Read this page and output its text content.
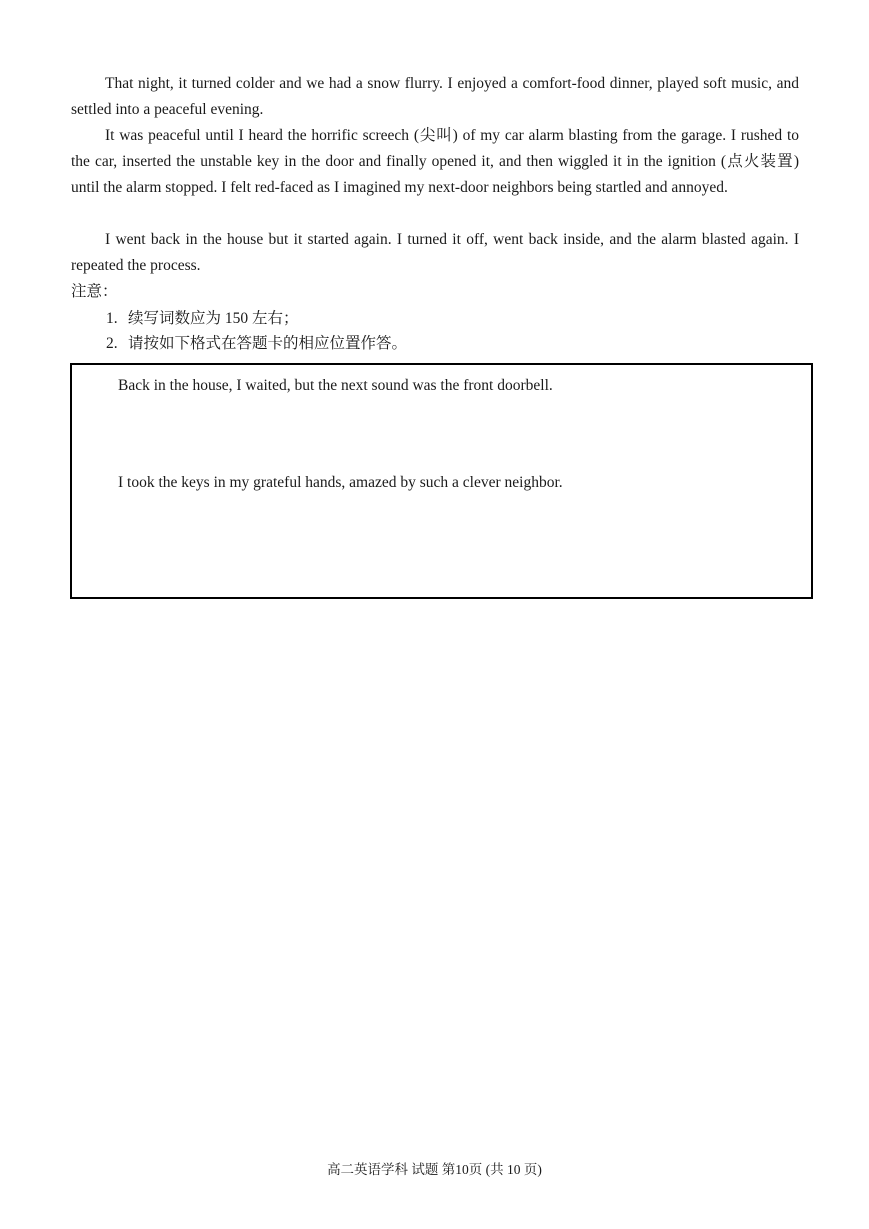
That night, it turned colder and we had a snow flurry. I enjoyed a comfort-food dinner, played soft music, and settled into a peaceful evening.

It was peaceful until I heard the horrific screech (尖叫) of my car alarm blasting from the garage. I rushed to the car, inserted the unstable key in the door and finally opened it, and then wiggled it in the ignition (点火装置) until the alarm stopped. I felt red-faced as I imagined my next-door neighbors being startled and annoyed.

I went back in the house but it started again. I turned it off, went back inside, and the alarm blasted again. I repeated the process.

注意：

1. 续写词数应为 150 左右；

2. 请按如下格式在答题卡的相应位置作答。

Back in the house, I waited, but the next sound was the front doorbell.

I took the keys in my grateful hands, amazed by such a clever neighbor.

高二英语学科 试题 第10页 (共 10 页)
